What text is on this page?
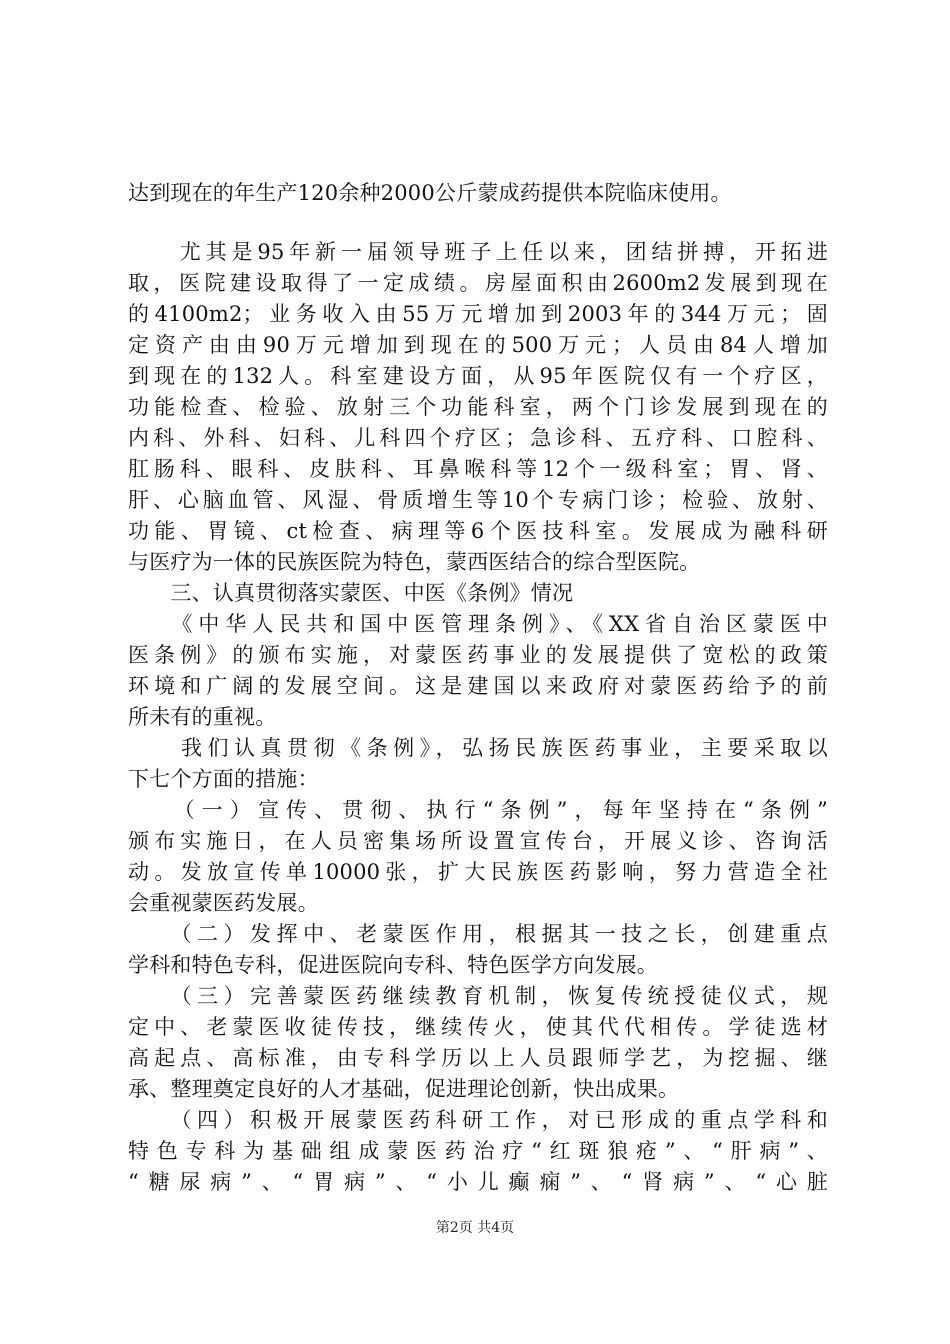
达到现在的年生产120余种2000公斤蒙成药提供本院临床使用。
　　尤其是95年新一届领导班子上任以来，团结拼搏，开拓进
取，医院建设取得了一定成绩。房屋面积由2600m2发展到现在
的4100m2；业务收入由55万元增加到2003年的344万元；固
定资产由由90万元增加到现在的500万元；人员由84人增加
到现在的132人。科室建设方面，从95年医院仅有一个疗区，
功能检查、检验、放射三个功能科室，两个门诊发展到现在的
内科、外科、妇科、儿科四个疗区；急诊科、五疗科、口腔科、
肛肠科、眼科、皮肤科、耳鼻喉科等12个一级科室；胃、肾、
肝、心脑血管、风湿、骨质增生等10个专病门诊；检验、放射、
功能、胃镜、ct检查、病理等6个医技科室。发展成为融科研
与医疗为一体的民族医院为特色，蒙西医结合的综合型医院。
　　三、认真贯彻落实蒙医、中医《条例》情况
　　《中华人民共和国中医管理条例》、《XX省自治区蒙医中
医条例》的颁布实施，对蒙医药事业的发展提供了宽松的政策
环境和广阔的发展空间。这是建国以来政府对蒙医药给予的前
所未有的重视。
　　我们认真贯彻《条例》，弘扬民族医药事业，主要采取以
下七个方面的措施：
　　（一）宣传、贯彻、执行“条例”，每年坚持在“条例”
颁布实施日，在人员密集场所设置宣传台，开展义诊、咨询活
动。发放宣传单10000张，扩大民族医药影响，努力营造全社
会重视蒙医药发展。
　　（二）发挥中、老蒙医作用，根据其一技之长，创建重点
学科和特色专科，促进医院向专科、特色医学方向发展。
　　（三）完善蒙医药继续教育机制，恢复传统授徒仪式，规
定中、老蒙医收徒传技，继续传火，使其代代相传。学徒选材
高起点、高标准，由专科学历以上人员跟师学艺，为挖掘、继
承、整理奠定良好的人才基础，促进理论创新，快出成果。
　　（四）积极开展蒙医药科研工作，对已形成的重点学科和
特色专科为基础组成蒙医药治疗“红斑狼疮”、“肝病”、
“糖尿病”、“胃病”、“小儿癫痫”、“肾病”、“心脏
第2页 共4页
